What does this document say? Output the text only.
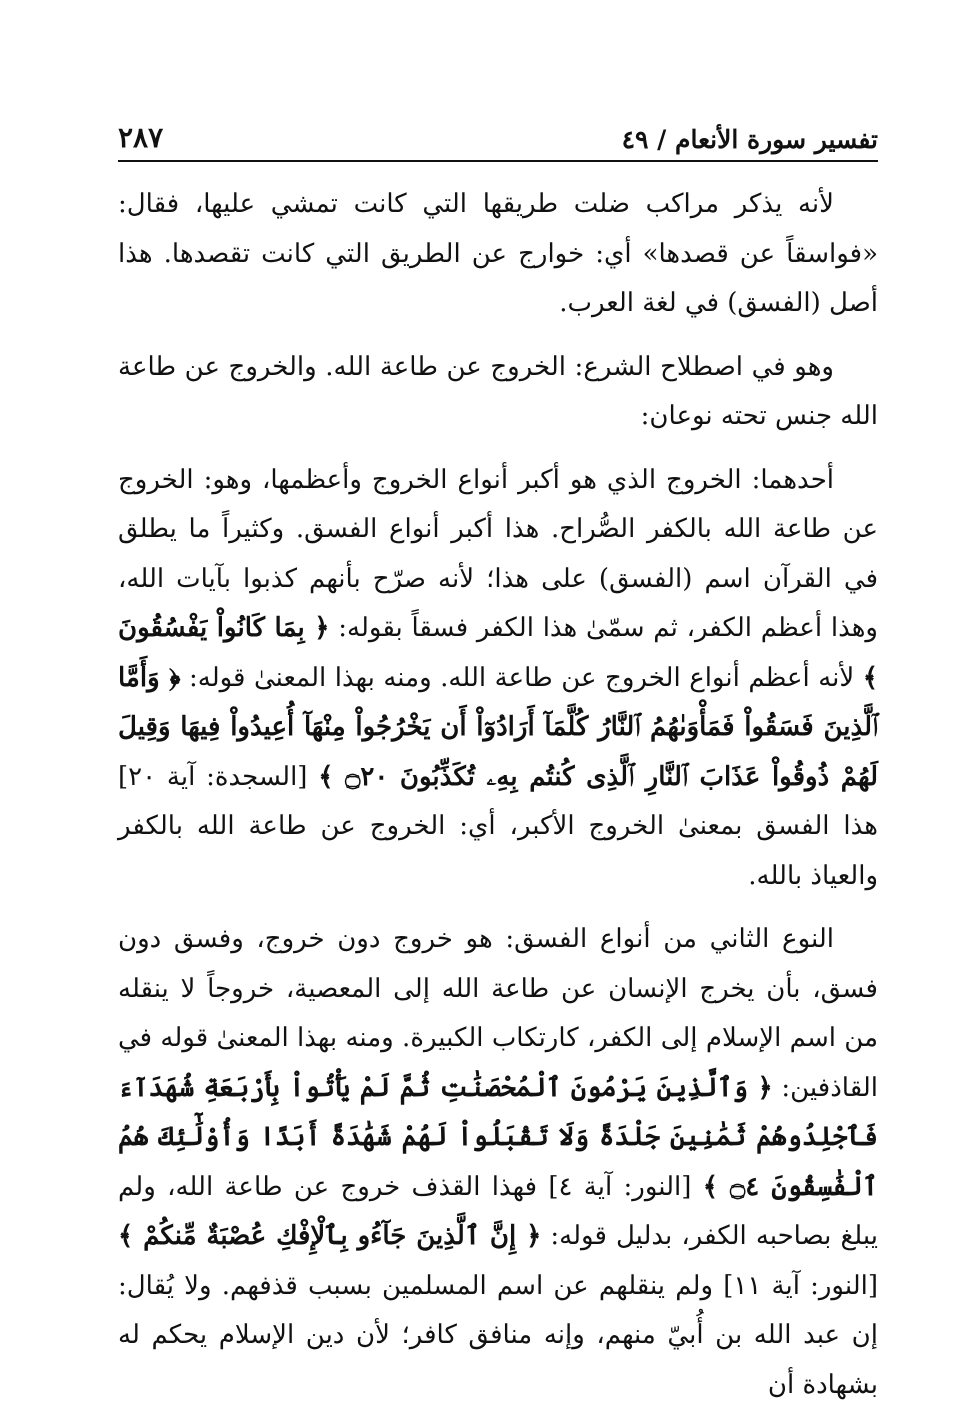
تفسير سورة الأنعام / ٤٩
٢٨٧

لأنه يذكر مراكب ضلت طريقها التي كانت تمشي عليها، فقال: «فواسقاً عن قصدها» أي: خوارج عن الطريق التي كانت تقصدها. هذا أصل (الفسق) في لغة العرب.

وهو في اصطلاح الشرع: الخروج عن طاعة الله. والخروج عن طاعة الله جنس تحته نوعان:

أحدهما: الخروج الذي هو أكبر أنواع الخروج وأعظمها، وهو: الخروج عن طاعة الله بالكفر الصُّراح. هذا أكبر أنواع الفسق. وكثيراً ما يطلق في القرآن اسم (الفسق) على هذا؛ لأنه صرّح بأنهم كذبوا بآيات الله، وهذا أعظم الكفر، ثم سمّىٰ هذا الكفر فسقاً بقوله: ﴿ بِمَا كَانُواْ يَفْسُقُونَ ﴾ لأنه أعظم أنواع الخروج عن طاعة الله. ومنه بهذا المعنىٰ قوله: ﴿ وَأَمَّا ٱلَّذِينَ فَسَقُواْ فَمَأْوَىٰهُمُ ٱلنَّارُ كُلَّمَآ أَرَادُوٓاْ أَن يَخْرُجُواْ مِنْهَآ أُعِيدُواْ فِيهَا وَقِيلَ لَهُمْ ذُوقُواْ عَذَابَ ٱلنَّارِ ٱلَّذِى كُنتُم بِهِۦ تُكَذِّبُونَ ۝٢٠ ﴾ [السجدة: آية ٢٠] هذا الفسق بمعنىٰ الخروج الأكبر، أي: الخروج عن طاعة الله بالكفر والعياذ بالله.

النوع الثاني من أنواع الفسق: هو خروج دون خروج، وفسق دون فسق، بأن يخرج الإنسان عن طاعة الله إلى المعصية، خروجاً لا ينقله من اسم الإسلام إلى الكفر، كارتكاب الكبيرة. ومنه بهذا المعنىٰ قوله في القاذفين: ﴿ وَٱلَّذِينَ يَرْمُونَ ٱلْمُحْصَنَٰتِ ثُمَّ لَمْ يَأْتُواْ بِأَرْبَعَةِ شُهَدَآءَ فَٱجْلِدُوهُمْ ثَمَٰنِينَ جَلْدَةً وَلَا تَقْبَلُواْ لَهُمْ شَهَٰدَةً أَبَدًا وَأُوْلَٰٓئِكَ هُمُ ٱلْفَٰسِقُونَ ۝٤ ﴾ [النور: آية ٤] فهذا القذف خروج عن طاعة الله، ولم يبلغ بصاحبه الكفر، بدليل قوله: ﴿ إِنَّ ٱلَّذِينَ جَآءُو بِٱلْإِفْكِ عُصْبَةٌ مِّنكُمْ ﴾ [النور: آية ١١] ولم ينقلهم عن اسم المسلمين بسبب قذفهم. ولا يُقال: إن عبد الله بن أُبيّ منهم، وإنه منافق كافر؛ لأن دين الإسلام يحكم له بشهادة أن
